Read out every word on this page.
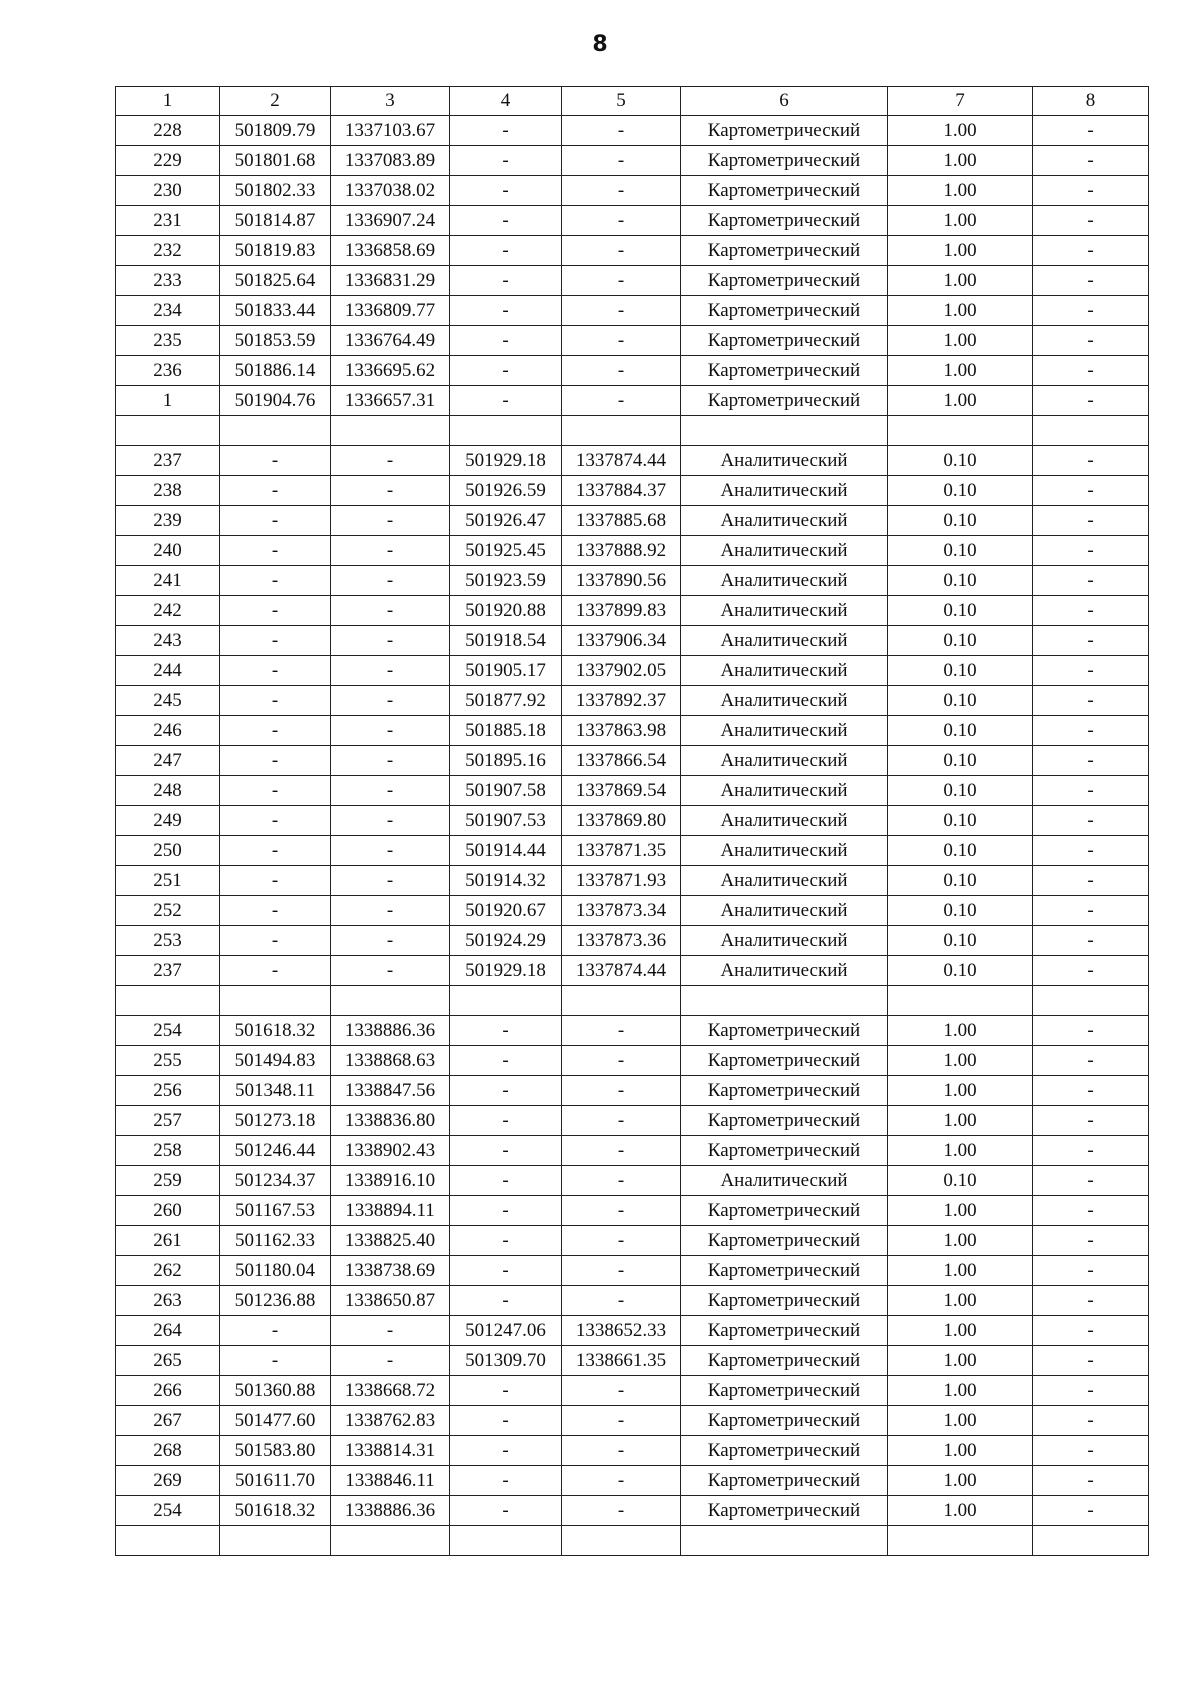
8
1	2	3	4	5	6	7	8
228	501809.79	1337103.67	-	-	Картометрический	1.00	-
229	501801.68	1337083.89	-	-	Картометрический	1.00	-
230	501802.33	1337038.02	-	-	Картометрический	1.00	-
231	501814.87	1336907.24	-	-	Картометрический	1.00	-
232	501819.83	1336858.69	-	-	Картометрический	1.00	-
233	501825.64	1336831.29	-	-	Картометрический	1.00	-
234	501833.44	1336809.77	-	-	Картометрический	1.00	-
235	501853.59	1336764.49	-	-	Картометрический	1.00	-
236	501886.14	1336695.62	-	-	Картометрический	1.00	-
1	501904.76	1336657.31	-	-	Картометрический	1.00	-

237	-	-	501929.18	1337874.44	Аналитический	0.10	-
238	-	-	501926.59	1337884.37	Аналитический	0.10	-
239	-	-	501926.47	1337885.68	Аналитический	0.10	-
240	-	-	501925.45	1337888.92	Аналитический	0.10	-
241	-	-	501923.59	1337890.56	Аналитический	0.10	-
242	-	-	501920.88	1337899.83	Аналитический	0.10	-
243	-	-	501918.54	1337906.34	Аналитический	0.10	-
244	-	-	501905.17	1337902.05	Аналитический	0.10	-
245	-	-	501877.92	1337892.37	Аналитический	0.10	-
246	-	-	501885.18	1337863.98	Аналитический	0.10	-
247	-	-	501895.16	1337866.54	Аналитический	0.10	-
248	-	-	501907.58	1337869.54	Аналитический	0.10	-
249	-	-	501907.53	1337869.80	Аналитический	0.10	-
250	-	-	501914.44	1337871.35	Аналитический	0.10	-
251	-	-	501914.32	1337871.93	Аналитический	0.10	-
252	-	-	501920.67	1337873.34	Аналитический	0.10	-
253	-	-	501924.29	1337873.36	Аналитический	0.10	-
237	-	-	501929.18	1337874.44	Аналитический	0.10	-

254	501618.32	1338886.36	-	-	Картометрический	1.00	-
255	501494.83	1338868.63	-	-	Картометрический	1.00	-
256	501348.11	1338847.56	-	-	Картометрический	1.00	-
257	501273.18	1338836.80	-	-	Картометрический	1.00	-
258	501246.44	1338902.43	-	-	Картометрический	1.00	-
259	501234.37	1338916.10	-	-	Аналитический	0.10	-
260	501167.53	1338894.11	-	-	Картометрический	1.00	-
261	501162.33	1338825.40	-	-	Картометрический	1.00	-
262	501180.04	1338738.69	-	-	Картометрический	1.00	-
263	501236.88	1338650.87	-	-	Картометрический	1.00	-
264	-	-	501247.06	1338652.33	Картометрический	1.00	-
265	-	-	501309.70	1338661.35	Картометрический	1.00	-
266	501360.88	1338668.72	-	-	Картометрический	1.00	-
267	501477.60	1338762.83	-	-	Картометрический	1.00	-
268	501583.80	1338814.31	-	-	Картометрический	1.00	-
269	501611.70	1338846.11	-	-	Картометрический	1.00	-
254	501618.32	1338886.36	-	-	Картометрический	1.00	-
